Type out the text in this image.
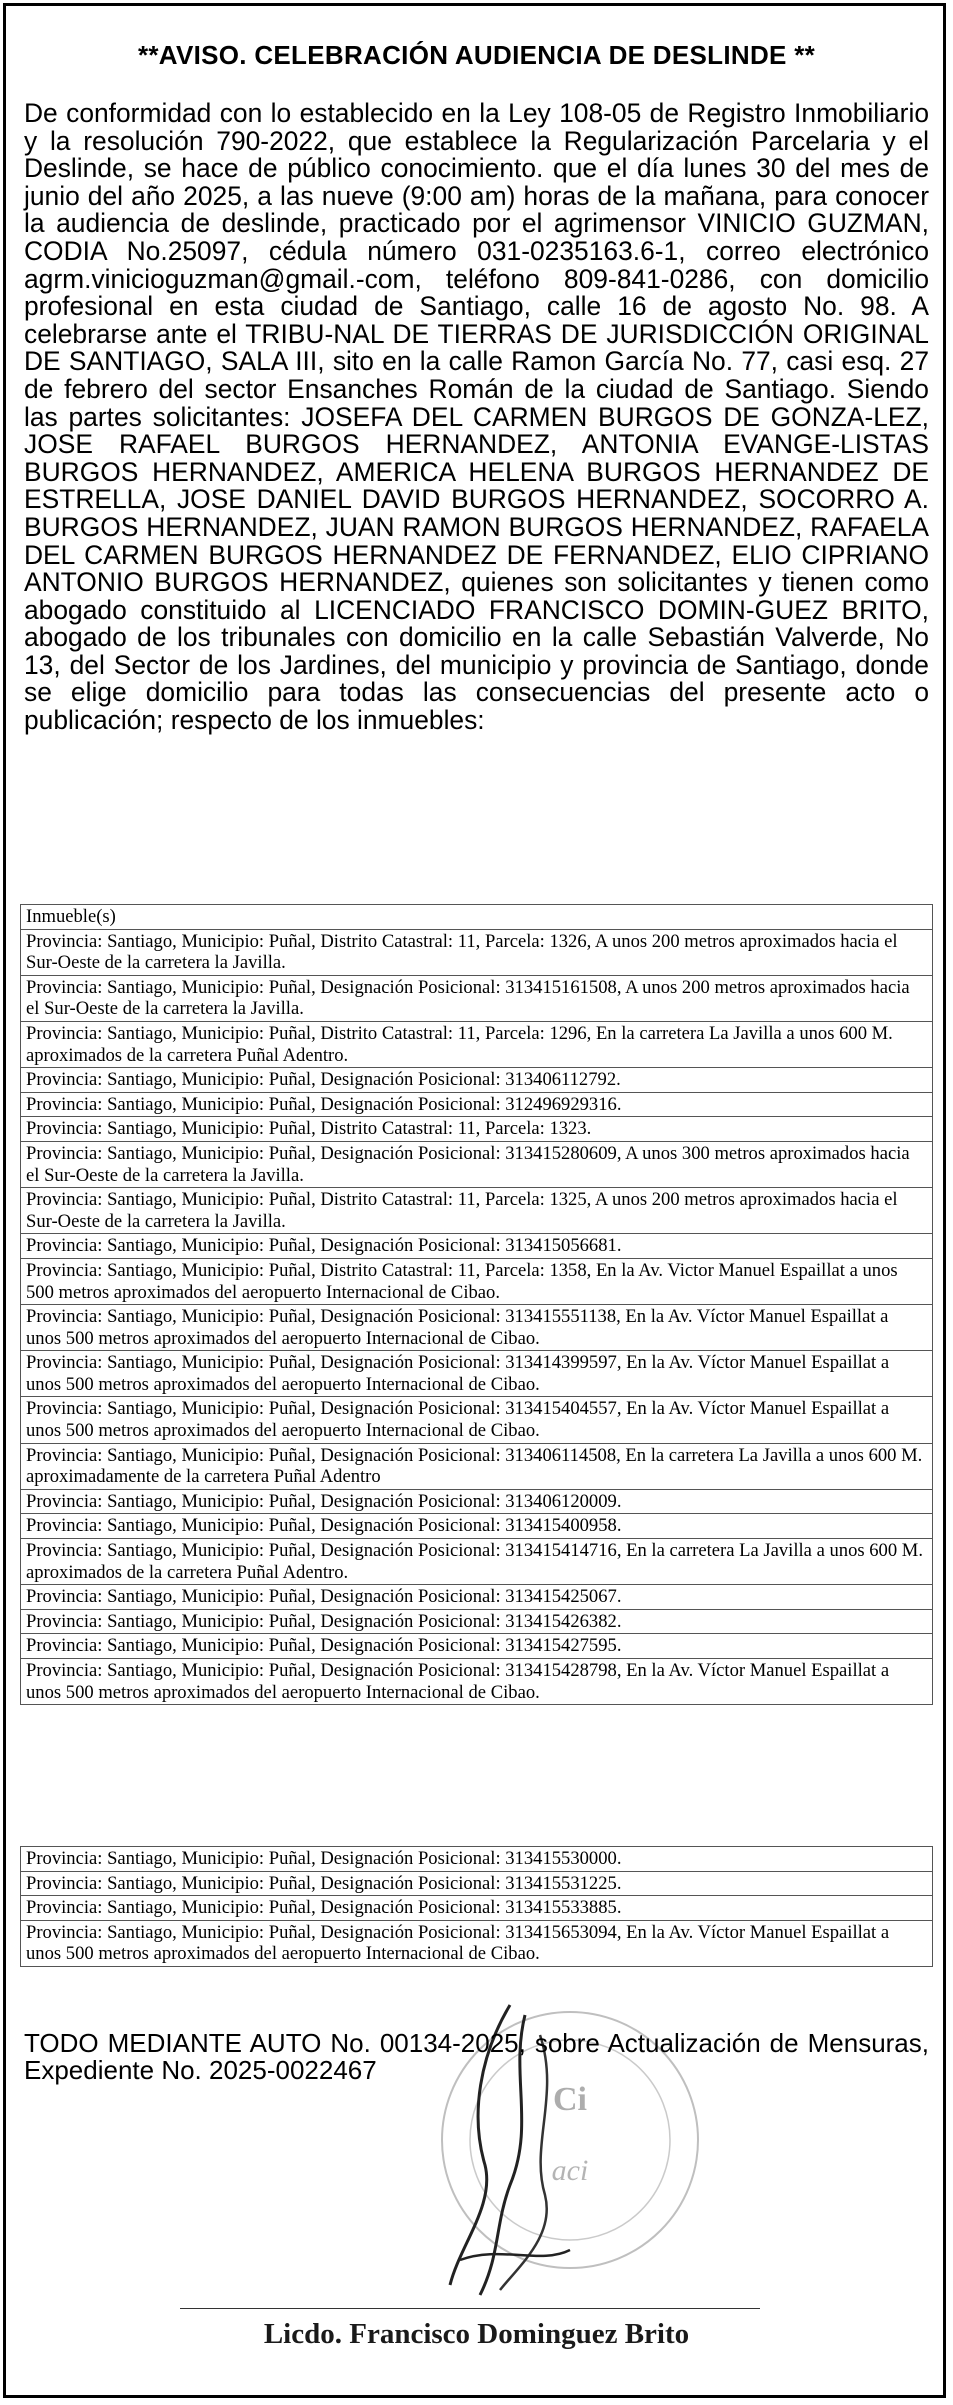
**AVISO. CELEBRACIÓN AUDIENCIA DE DESLINDE **
De conformidad con lo establecido en la Ley 108-05 de Registro Inmobiliario y la resolución 790-2022, que establece la Regularización Parcelaria y el Deslinde, se hace de público conocimiento. que el día lunes 30 del mes de junio del año 2025, a las nueve (9:00 am) horas de la mañana, para conocer la audiencia de deslinde, practicado por el agrimensor VINICIO GUZMAN, CODIA No.25097, cédula número 031-0235163.6-1, correo electrónico agrm.vinicioguzman@gmail.-com, teléfono 809-841-0286, con domicilio profesional en esta ciudad de Santiago, calle 16 de agosto No. 98. A celebrarse ante el TRIBU-NAL DE TIERRAS DE JURISDICCIÓN ORIGINAL DE SANTIAGO, SALA III, sito en la calle Ramon García No. 77, casi esq. 27 de febrero del sector Ensanches Román de la ciudad de Santiago. Siendo las partes solicitantes: JOSEFA DEL CARMEN BURGOS DE GONZA-LEZ, JOSE RAFAEL BURGOS HERNANDEZ, ANTONIA EVANGE-LISTAS BURGOS HERNANDEZ, AMERICA HELENA BURGOS HERNANDEZ DE ESTRELLA, JOSE DANIEL DAVID BURGOS HERNANDEZ, SOCORRO A. BURGOS HERNANDEZ, JUAN RAMON BURGOS HERNANDEZ, RAFAELA DEL CARMEN BURGOS HERNANDEZ DE FERNANDEZ, ELIO CIPRIANO ANTONIO BURGOS HERNANDEZ, quienes son solicitantes y tienen como abogado constituido al LICENCIADO FRANCISCO DOMIN-GUEZ BRITO, abogado de los tribunales con domicilio en la calle Sebastián Valverde, No 13, del Sector de los Jardines, del municipio y provincia de Santiago, donde se elige domicilio para todas las consecuencias del presente acto o publicación; respecto de los inmuebles:
Inmueble(s)
Provincia: Santiago, Municipio: Puñal, Distrito Catastral: 11, Parcela: 1326, A unos 200 metros aproximados hacia el Sur-Oeste de la carretera la Javilla.
Provincia: Santiago, Municipio: Puñal, Designación Posicional: 313415161508, A unos 200 metros aproximados hacia el Sur-Oeste de la carretera la Javilla.
Provincia: Santiago, Municipio: Puñal, Distrito Catastral: 11, Parcela: 1296, En la carretera La Javilla a unos 600 M. aproximados de la carretera Puñal Adentro.
Provincia: Santiago, Municipio: Puñal, Designación Posicional: 313406112792.
Provincia: Santiago, Municipio: Puñal, Designación Posicional: 312496929316.
Provincia: Santiago, Municipio: Puñal, Distrito Catastral: 11, Parcela: 1323.
Provincia: Santiago, Municipio: Puñal, Designación Posicional: 313415280609, A unos 300 metros aproximados hacia el Sur-Oeste de la carretera la Javilla.
Provincia: Santiago, Municipio: Puñal, Distrito Catastral: 11, Parcela: 1325, A unos 200 metros aproximados hacia el Sur-Oeste de la carretera la Javilla.
Provincia: Santiago, Municipio: Puñal, Designación Posicional: 313415056681.
Provincia: Santiago, Municipio: Puñal, Distrito Catastral: 11, Parcela: 1358, En la Av. Victor Manuel Espaillat a unos 500 metros aproximados del aeropuerto Internacional de Cibao.
Provincia: Santiago, Municipio: Puñal, Designación Posicional: 313415551138, En la Av. Víctor Manuel Espaillat a unos 500 metros aproximados del aeropuerto Internacional de Cibao.
Provincia: Santiago, Municipio: Puñal, Designación Posicional: 313414399597, En la Av. Víctor Manuel Espaillat a unos 500 metros aproximados del aeropuerto Internacional de Cibao.
Provincia: Santiago, Municipio: Puñal, Designación Posicional: 313415404557, En la Av. Víctor Manuel Espaillat a unos 500 metros aproximados del aeropuerto Internacional de Cibao.
Provincia: Santiago, Municipio: Puñal, Designación Posicional: 313406114508, En la carretera La Javilla a unos 600 M. aproximadamente de la carretera Puñal Adentro
Provincia: Santiago, Municipio: Puñal, Designación Posicional: 313406120009.
Provincia: Santiago, Municipio: Puñal, Designación Posicional: 313415400958.
Provincia: Santiago, Municipio: Puñal, Designación Posicional: 313415414716, En la carretera La Javilla a unos 600 M. aproximados de la carretera Puñal Adentro.
Provincia: Santiago, Municipio: Puñal, Designación Posicional: 313415425067.
Provincia: Santiago, Municipio: Puñal, Designación Posicional: 313415426382.
Provincia: Santiago, Municipio: Puñal, Designación Posicional: 313415427595.
Provincia: Santiago, Municipio: Puñal, Designación Posicional: 313415428798, En la Av. Víctor Manuel Espaillat a unos 500 metros aproximados del aeropuerto Internacional de Cibao.
Provincia: Santiago, Municipio: Puñal, Designación Posicional: 313415530000.
Provincia: Santiago, Municipio: Puñal, Designación Posicional: 313415531225.
Provincia: Santiago, Municipio: Puñal, Designación Posicional: 313415533885.
Provincia: Santiago, Municipio: Puñal, Designación Posicional: 313415653094, En la Av. Víctor Manuel Espaillat a unos 500 metros aproximados del aeropuerto Internacional de Cibao.
Ci
aci
Licdo. Francisco Dominguez Brito
TODO MEDIANTE AUTO No. 00134-2025, sobre Actualización de Mensuras, Expediente No. 2025-0022467
